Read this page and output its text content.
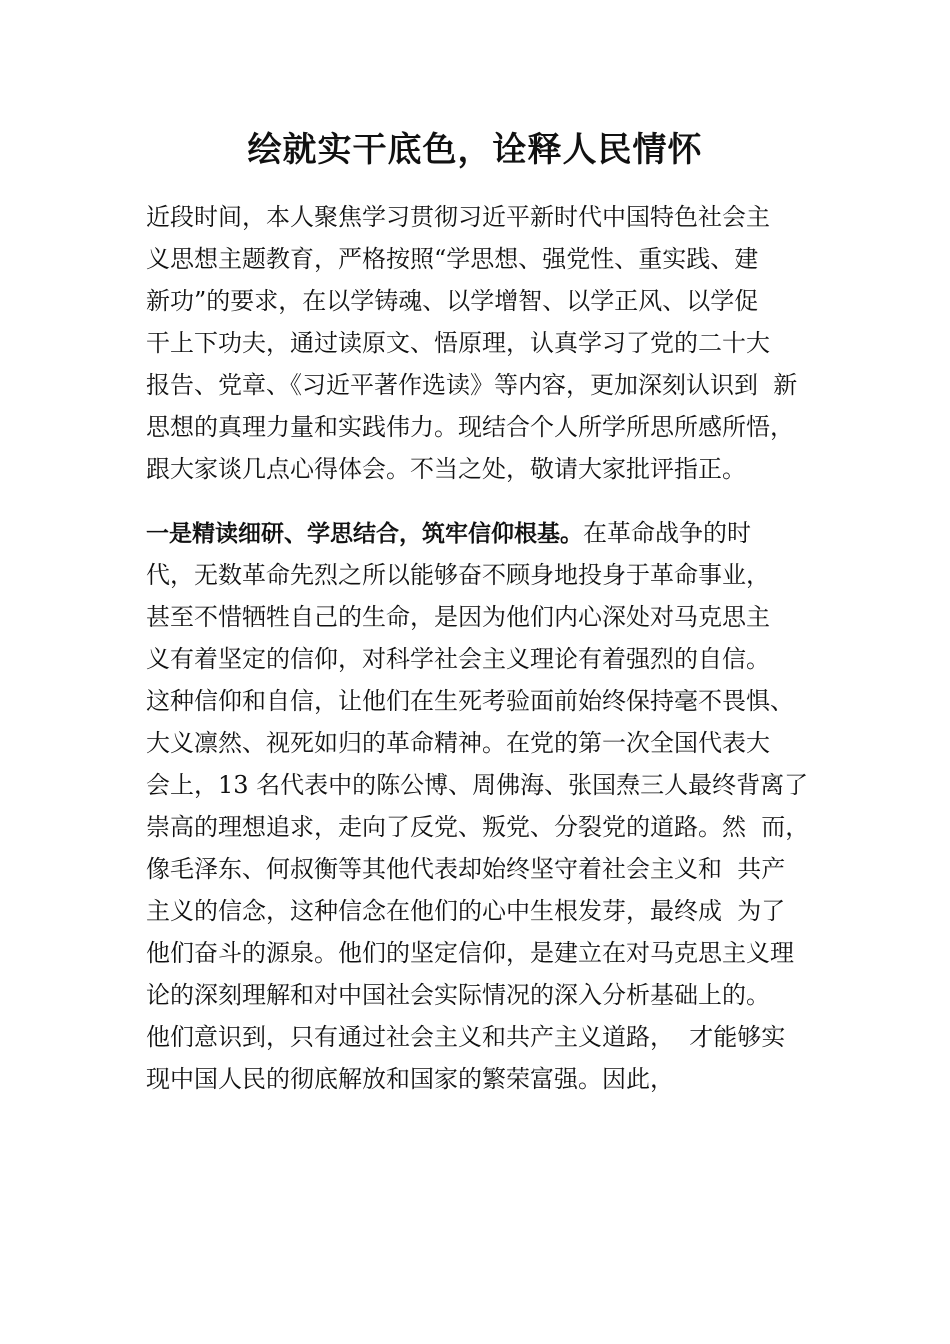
绘就实干底色，诠释人民情怀
近段时间，本人聚焦学习贯彻习近平新时代中国特色社会主
义思想主题教育，严格按照“学思想、强党性、重实践、建
新功”的要求，在以学铸魂、以学增智、以学正风、以学促
干上下功夫，通过读原文、悟原理，认真学习了党的二十大
报告、党章、《习近平著作选读》等内容，更加深刻认识到  新
思想的真理力量和实践伟力。现结合个人所学所思所感所悟，
跟大家谈几点心得体会。不当之处，敬请大家批评指正。
一是精读细研、学思结合，筑牢信仰根基。在革命战争的时
代，无数革命先烈之所以能够奋不顾身地投身于革命事业，
甚至不惜牺牲自己的生命，是因为他们内心深处对马克思主
义有着坚定的信仰，对科学社会主义理论有着强烈的自信。
这种信仰和自信，让他们在生死考验面前始终保持毫不畏惧、
大义凛然、视死如归的革命精神。在党的第一次全国代表大
会上，13 名代表中的陈公博、周佛海、张国焘三人最终背离了
崇高的理想追求，走向了反党、叛党、分裂党的道路。然  而，
像毛泽东、何叔衡等其他代表却始终坚守着社会主义和  共产
主义的信念，这种信念在他们的心中生根发芽，最终成  为了
他们奋斗的源泉。他们的坚定信仰，是建立在对马克思主义理
论的深刻理解和对中国社会实际情况的深入分析基础上的。
他们意识到，只有通过社会主义和共产主义道路，  才能够实
现中国人民的彻底解放和国家的繁荣富强。因此，
